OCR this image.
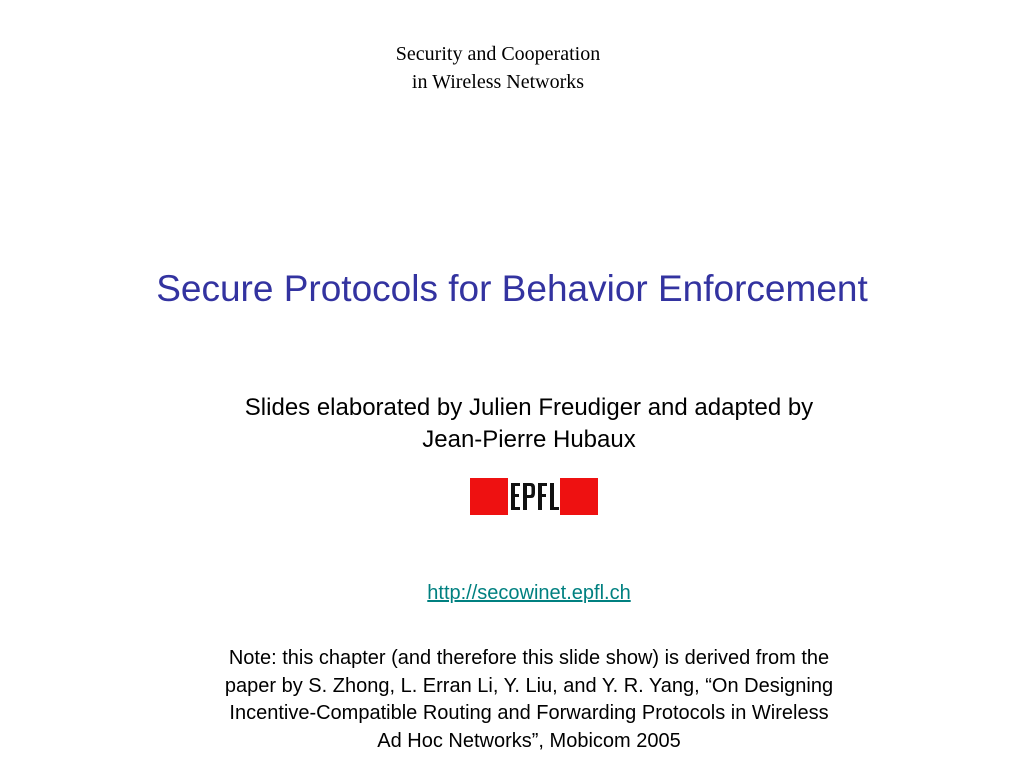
Security and Cooperation
in Wireless Networks
Secure Protocols for Behavior Enforcement
Slides elaborated by Julien Freudiger and adapted by
Jean-Pierre Hubaux
http://secowinet.epfl.ch
Note: this chapter (and therefore this slide show) is derived from the
paper by S. Zhong, L. Erran Li, Y. Liu, and Y. R. Yang, “On Designing
Incentive-Compatible Routing and Forwarding Protocols in Wireless
Ad Hoc Networks”, Mobicom 2005
